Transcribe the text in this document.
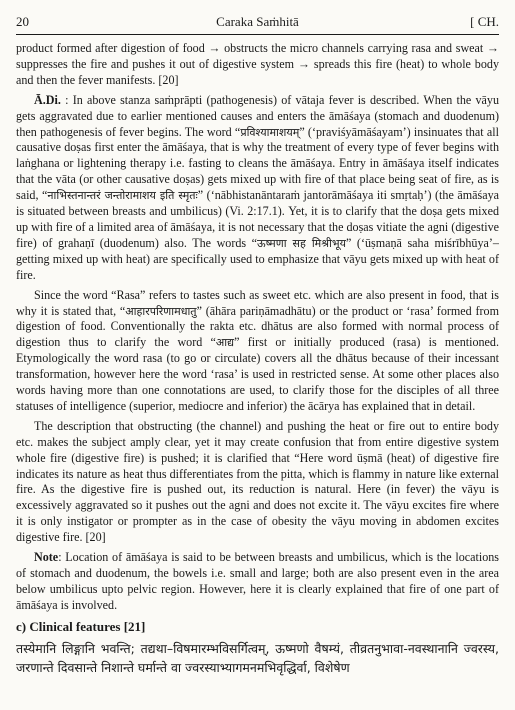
20	Caraka Saṁhitā	[ CH.

product formed after digestion of food → obstructs the micro channels carrying rasa and sweat → suppresses the fire and pushes it out of digestive system → spreads this fire (heat) to whole body and then the fever manifests. [20]

Ā.Di. : In above stanza saṁprāpti (pathogenesis) of vātaja fever is described. When the vāyu gets aggravated due to earlier mentioned causes and enters the āmāśaya (stomach and duodenum) then pathogenesis of fever begins. The word “प्रविश्यामाशयम्” (‘praviśyāmāśayam’) insinuates that all causative doṣas first enter the āmāśaya, that is why the treatment of every type of fever begins with laṅghana or lightening therapy i.e. fasting to cleans the āmāśaya. Entry in āmāśaya itself indicates that the vāta (or other causative doṣas) gets mixed up with fire of that place being seat of fire, as is said, “नाभिस्तनान्तरं जन्तोरामाशय इति स्मृतः” (‘nābhistanāntaraṁ jantorāmāśaya iti smṛtaḥ’) (the āmāśaya is situated between breasts and umbilicus) (Vi. 2:17.1). Yet, it is to clarify that the doṣa gets mixed up with fire of a limited area of āmāśaya, it is not necessary that the doṣas vitiate the agni (digestive fire) of grahaṇī (duodenum) also. The words “ऊष्मणा सह मिश्रीभूय” (‘ūṣmaṇā saha miśrībhūya’–getting mixed up with heat) are specifically used to emphasize that vāyu gets mixed up with heat of fire.

Since the word “Rasa” refers to tastes such as sweet etc. which are also present in food, that is why it is stated that, “आहारपरिणामधातु” (āhāra pariṇāmadhātu) or the product or ‘rasa’ formed from digestion of food. Conventionally the rakta etc. dhātus are also formed with normal process of digestion thus to clarify the word “आद्य” first or initially produced (rasa) is mentioned. Etymologically the word rasa (to go or circulate) covers all the dhātus because of their incessant transformation, however here the word ‘rasa’ is used in restricted sense. At some other places also words having more than one connotations are used, to clarify those for the disciples of all three statuses of intelligence (superior, mediocre and inferior) the ācārya has explained that in detail.

The description that obstructing (the channel) and pushing the heat or fire out to entire body etc. makes the subject amply clear, yet it may create confusion that from entire digestive system whole fire (digestive fire) is pushed; it is clarified that “Here word ūṣmā (heat) of digestive fire indicates its nature as heat thus differentiates from the pitta, which is flammy in nature like external fire. As the digestive fire is pushed out, its reduction is natural. Here (in fever) the vāyu is excessively aggravated so it pushes out the agni and does not excite it. The vāyu excites fire where it is only instigator or prompter as in the case of obesity the vāyu moving in abdomen excites digestive fire. [20]

Note: Location of āmāśaya is said to be between breasts and umbilicus, which is the locations of stomach and duodenum, the bowels i.e. small and large; both are also present even in the area below umbilicus upto pelvic region. However, here it is clearly explained that fire of one part of āmāśaya is involved.

c) Clinical features [21]

तस्येमानि लिङ्गानि भवन्ति; तद्यथा–विषमारम्भविसर्गित्वम्, ऊष्मणो वैषम्यं, तीव्रतनुभावा-नवस्थानानि ज्वरस्य, जरणान्ते दिवसान्ते निशान्ते घर्मान्ते वा ज्वरस्याभ्यागमनमभिवृद्धिर्वा, विशेषेण
